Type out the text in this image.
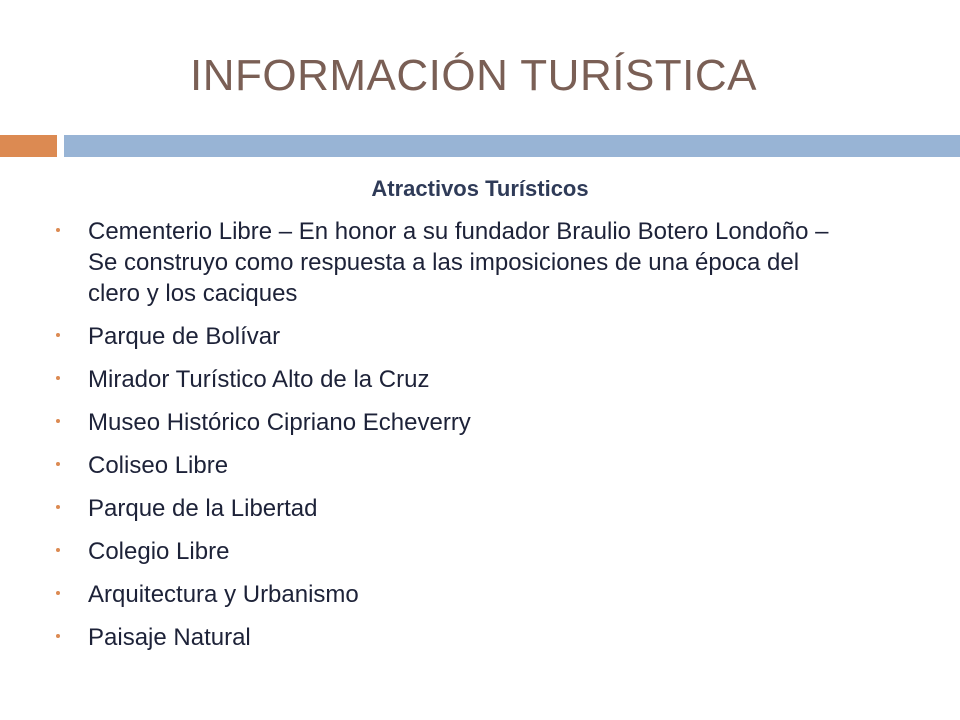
INFORMACIÓN TURÍSTICA
Atractivos Turísticos
Cementerio Libre – En honor a su fundador Braulio Botero Londoño – Se construyo como respuesta a las imposiciones de una época del clero y los caciques
Parque de Bolívar
Mirador Turístico Alto de la Cruz
Museo Histórico Cipriano Echeverry
Coliseo Libre
Parque de la Libertad
Colegio Libre
Arquitectura y Urbanismo
Paisaje Natural
